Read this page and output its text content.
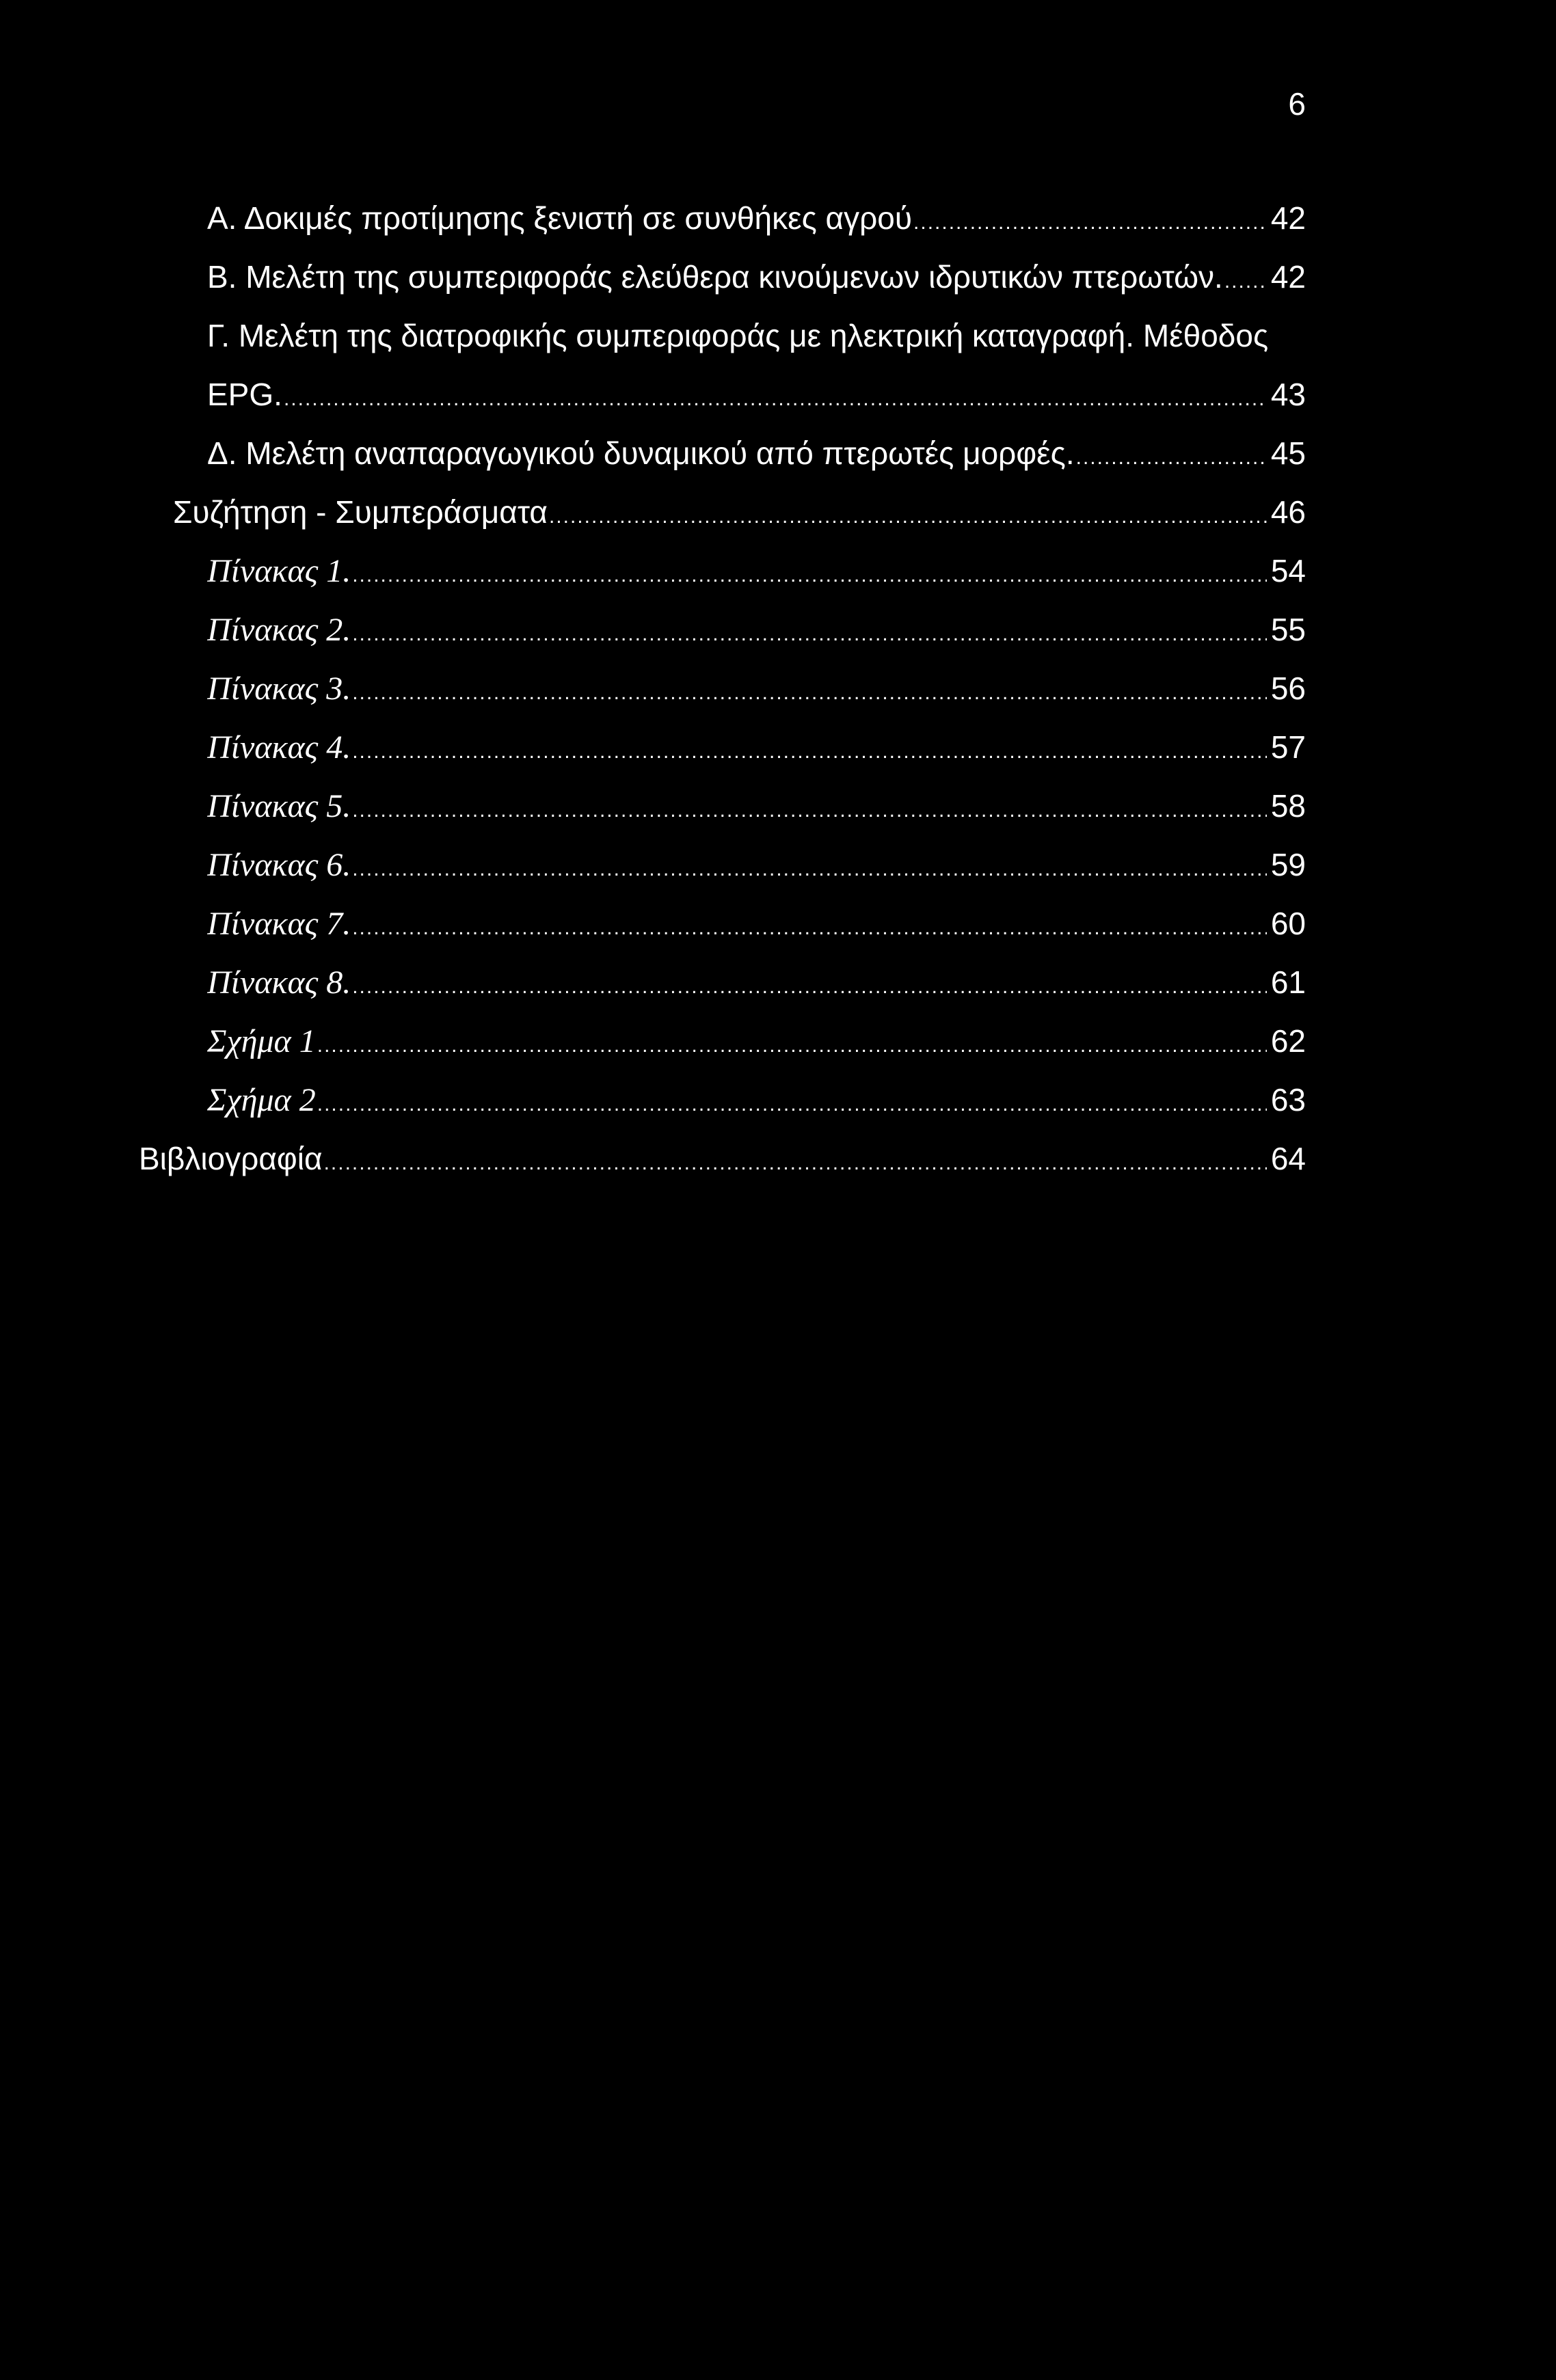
6
Α. Δοκιμές προτίμησης ξενιστή σε συνθήκες αγρού .....	42
Β. Μελέτη της συμπεριφοράς ελεύθερα κινούμενων ιδρυτικών πτερωτών. ..... 42
Γ. Μελέτη της διατροφικής συμπεριφοράς με ηλεκτρική καταγραφή. Μέθοδος
EPG. .....	43
Δ. Μελέτη αναπαραγωγικού δυναμικού από πτερωτές μορφές. .....	45
Συζήτηση - Συμπεράσματα .....	46
Πίνακας 1. .....	54
Πίνακας 2. .....	55
Πίνακας 3. .....	56
Πίνακας 4. .....	57
Πίνακας 5. .....	58
Πίνακας 6. .....	59
Πίνακας 7. .....	60
Πίνακας 8. .....	61
Σχήμα 1 .....	62
Σχήμα 2 .....	63
Βιβλιογραφία .....	64
